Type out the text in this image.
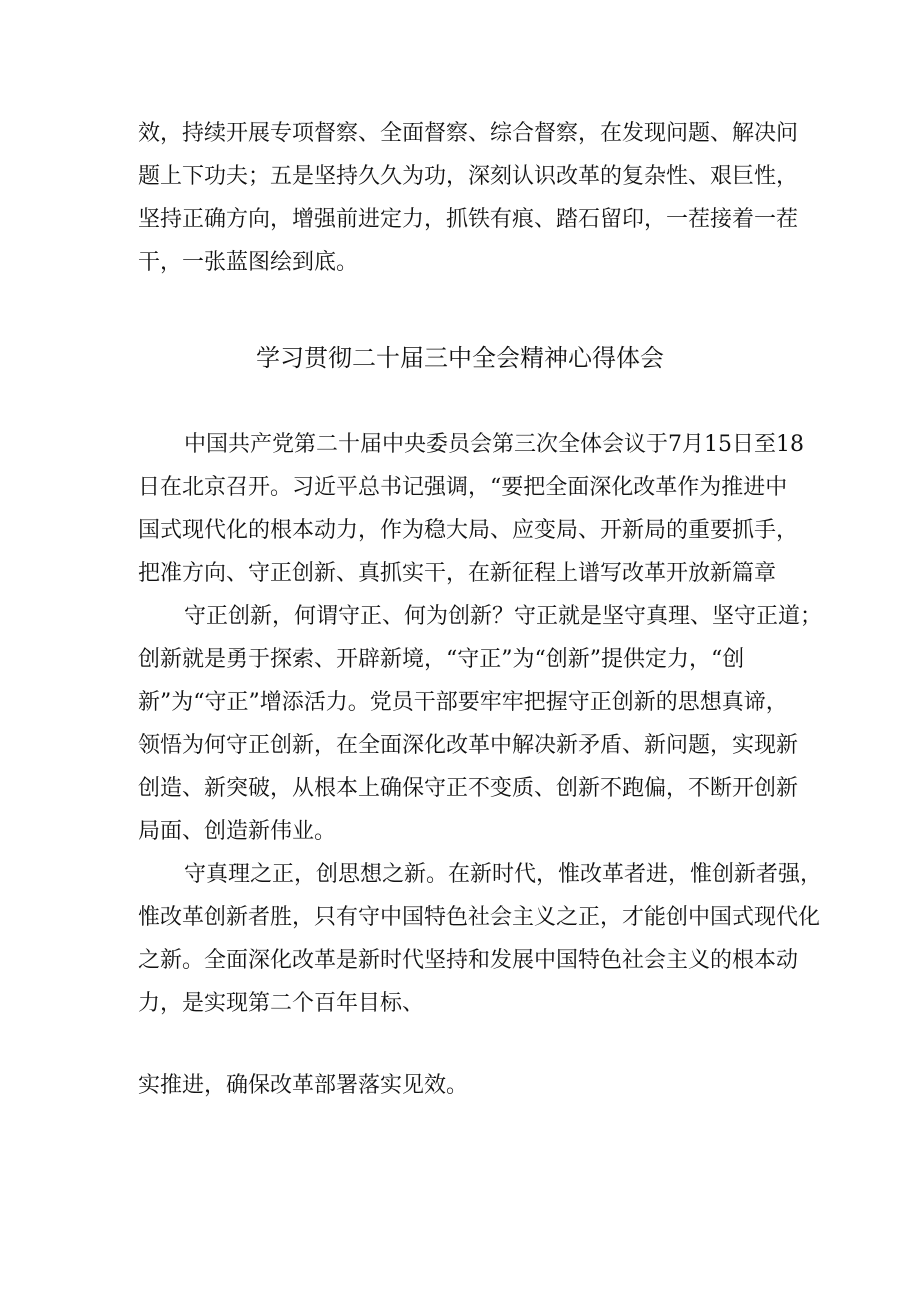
效，持续开展专项督察、全面督察、综合督察，在发现问题、解决问
题上下功夫；五是坚持久久为功，深刻认识改革的复杂性、艰巨性，
坚持正确方向，增强前进定力，抓铁有痕、踏石留印，一茬接着一茬
干，一张蓝图绘到底。
学习贯彻二十届三中全会精神心得体会
中国共产党第二十届中央委员会第三次全体会议于7月15日至18
日在北京召开。习近平总书记强调，“要把全面深化改革作为推进中
国式现代化的根本动力，作为稳大局、应变局、开新局的重要抓手，
把准方向、守正创新、真抓实干，在新征程上谱写改革开放新篇章
守正创新，何谓守正、何为创新？守正就是坚守真理、坚守正道；
创新就是勇于探索、开辟新境，“守正”为“创新”提供定力，“创
新”为“守正”增添活力。党员干部要牢牢把握守正创新的思想真谛，
领悟为何守正创新，在全面深化改革中解决新矛盾、新问题，实现新
创造、新突破，从根本上确保守正不变质、创新不跑偏，不断开创新
局面、创造新伟业。
守真理之正，创思想之新。在新时代，惟改革者进，惟创新者强，
惟改革创新者胜，只有守中国特色社会主义之正，才能创中国式现代化
之新。全面深化改革是新时代坚持和发展中国特色社会主义的根本动
力，是实现第二个百年目标、
实推进，确保改革部署落实见效。
